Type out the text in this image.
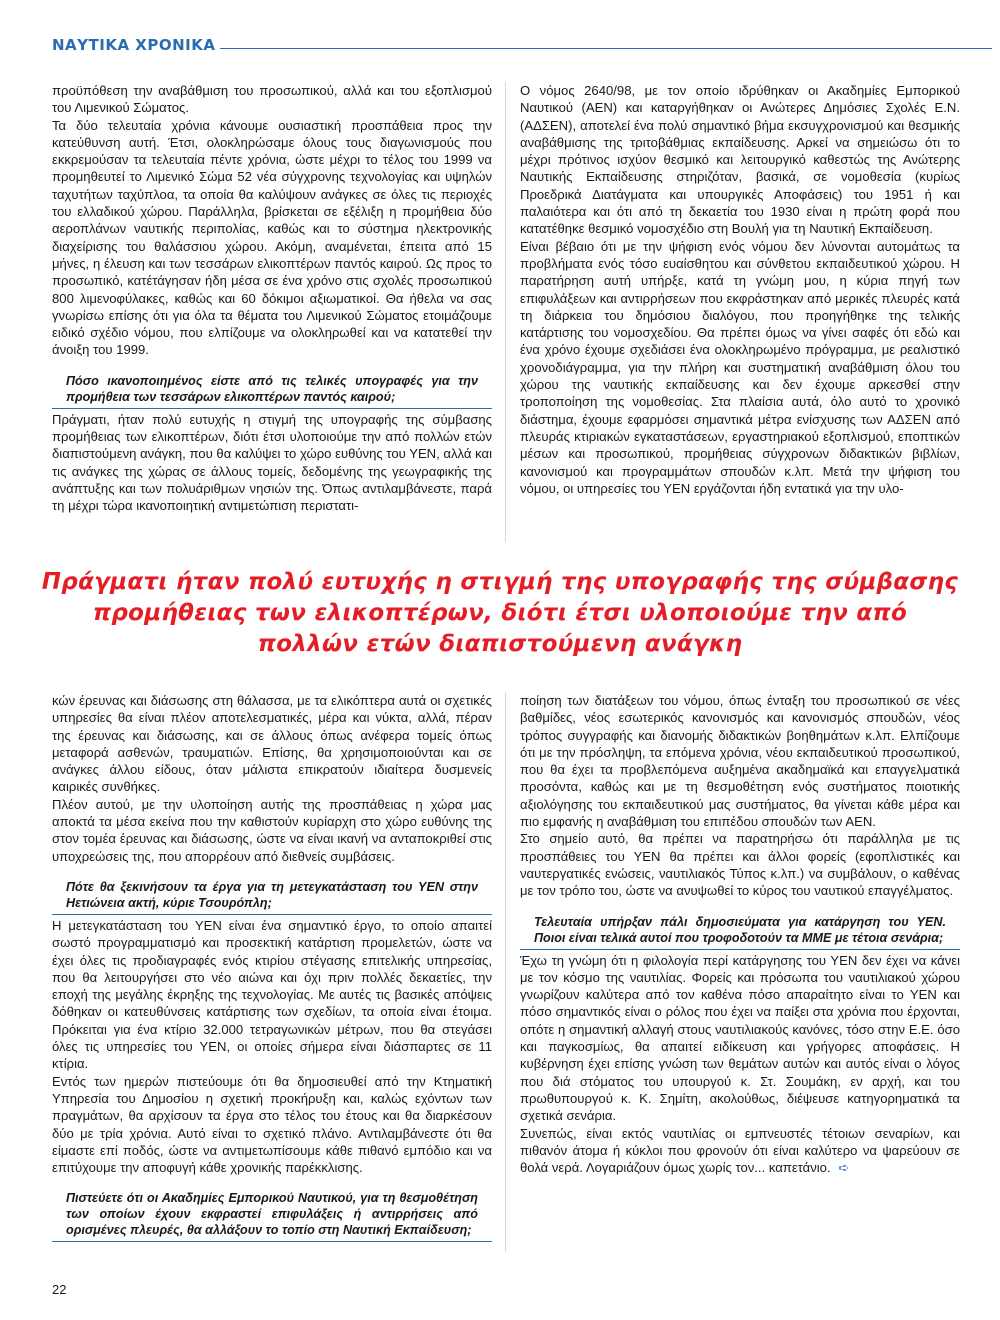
ΝΑΥΤΙΚΑ ΧΡΟΝΙΚΑ

προϋπόθεση την αναβάθμιση του προσωπικού, αλλά και του εξοπλισμού του Λιμενικού Σώματος.

Τα δύο τελευταία χρόνια κάνουμε ουσιαστική προσπάθεια προς την κατεύθυνση αυτή. Έτσι, ολοκληρώσαμε όλους τους διαγωνισμούς που εκκρεμούσαν τα τελευταία πέντε χρόνια, ώστε μέχρι το τέλος του 1999 να προμηθευτεί το Λιμενικό Σώμα 52 νέα σύγχρονης τεχνολογίας και υψηλών ταχυτήτων ταχύπλοα, τα οποία θα καλύψουν ανάγκες σε όλες τις περιοχές του ελλαδικού χώρου. Παράλληλα, βρίσκεται σε εξέλιξη η προμήθεια δύο αεροπλάνων ναυτικής περιπολίας, καθώς και το σύστημα ηλεκτρονικής διαχείρισης του θαλάσσιου χώρου. Ακόμη, αναμένεται, έπειτα από 15 μήνες, η έλευση και των τεσσάρων ελικοπτέρων παντός καιρού. Ως προς το προσωπικό, κατέτάγησαν ήδη μέσα σε ένα χρόνο στις σχολές προσωπικού 800 λιμενοφύλακες, καθώς και 60 δόκιμοι αξιωματικοί. Θα ήθελα να σας γνωρίσω επίσης ότι για όλα τα θέματα του Λιμενικού Σώματος ετοιμάζουμε ειδικό σχέδιο νόμου, που ελπίζουμε να ολοκληρωθεί και να κατατεθεί την άνοιξη του 1999.

Πόσο ικανοποιημένος είστε από τις τελικές υπογραφές για την προμήθεια των τεσσάρων ελικοπτέρων παντός καιρού;

Πράγματι, ήταν πολύ ευτυχής η στιγμή της υπογραφής της σύμβασης προμήθειας των ελικοπτέρων, διότι έτσι υλοποιούμε την από πολλών ετών διαπιστούμενη ανάγκη, που θα καλύψει το χώρο ευθύνης του ΥΕΝ, αλλά και τις ανάγκες της χώρας σε άλλους τομείς, δεδομένης της γεωγραφικής της ανάπτυξης και των πολυάριθμων νησιών της. Όπως αντιλαμβάνεστε, παρά τη μέχρι τώρα ικανοποιητική αντιμετώπιση περιστατι-

Ο νόμος 2640/98, με τον οποίο ιδρύθηκαν οι Ακαδημίες Εμπορικού Ναυτικού (ΑΕΝ) και καταργήθηκαν οι Ανώτερες Δημόσιες Σχολές Ε.Ν. (ΑΔΣΕΝ), αποτελεί ένα πολύ σημαντικό βήμα εκσυγχρονισμού και θεσμικής αναβάθμισης της τριτοβάθμιας εκπαίδευσης. Αρκεί να σημειώσω ότι το μέχρι πρότινος ισχύον θεσμικό και λειτουργικό καθεστώς της Ανώτερης Ναυτικής Εκπαίδευσης στηριζόταν, βασικά, σε νομοθεσία (κυρίως Προεδρικά Διατάγματα και υπουργικές Αποφάσεις) του 1951 ή και παλαιότερα και ότι από τη δεκαετία του 1930 είναι η πρώτη φορά που κατατέθηκε θεσμικό νομοσχέδιο στη Βουλή για τη Ναυτική Εκπαίδευση.

Είναι βέβαιο ότι με την ψήφιση ενός νόμου δεν λύνονται αυτομάτως τα προβλήματα ενός τόσο ευαίσθητου και σύνθετου εκπαιδευτικού χώρου. Η παρατήρηση αυτή υπήρξε, κατά τη γνώμη μου, η κύρια πηγή των επιφυλάξεων και αντιρρήσεων που εκφράστηκαν από μερικές πλευρές κατά τη διάρκεια του δημόσιου διαλόγου, που προηγήθηκε της τελικής κατάρτισης του νομοσχεδίου. Θα πρέπει όμως να γίνει σαφές ότι εδώ και ένα χρόνο έχουμε σχεδιάσει ένα ολοκληρωμένο πρόγραμμα, με ρεαλιστικό χρονοδιάγραμμα, για την πλήρη και συστηματική αναβάθμιση όλου του χώρου της ναυτικής εκπαίδευσης και δεν έχουμε αρκεσθεί στην τροποποίηση της νομοθεσίας. Στα πλαίσια αυτά, όλο αυτό το χρονικό διάστημα, έχουμε εφαρμόσει σημαντικά μέτρα ενίσχυσης των ΑΔΣΕΝ από πλευράς κτιριακών εγκαταστάσεων, εργαστηριακού εξοπλισμού, εποπτικών μέσων και προσωπικού, προμήθειας σύγχρονων διδακτικών βιβλίων, κανονισμού και προγραμμάτων σπουδών κ.λπ. Μετά την ψήφιση του νόμου, οι υπηρεσίες του ΥΕΝ εργάζονται ήδη εντατικά για την υλο-

Πράγματι ήταν πολύ ευτυχής η στιγμή της υπογραφής της σύμβασης προμήθειας των ελικοπτέρων, διότι έτσι υλοποιούμε την από πολλών ετών διαπιστούμενη ανάγκη

κών έρευνας και διάσωσης στη θάλασσα, με τα ελικόπτερα αυτά οι σχετικές υπηρεσίες θα είναι πλέον αποτελεσματικές, μέρα και νύκτα, αλλά, πέραν της έρευνας και διάσωσης, και σε άλλους όπως ανέφερα τομείς όπως μεταφορά ασθενών, τραυματιών. Επίσης, θα χρησιμοποιούνται και σε ανάγκες άλλου είδους, όταν μάλιστα επικρατούν ιδιαίτερα δυσμενείς καιρικές συνθήκες.

Πλέον αυτού, με την υλοποίηση αυτής της προσπάθειας η χώρα μας αποκτά τα μέσα εκείνα που την καθιστούν κυρίαρχη στο χώρο ευθύνης της στον τομέα έρευνας και διάσωσης, ώστε να είναι ικανή να ανταποκριθεί στις υποχρεώσεις της, που απορρέουν από διεθνείς συμβάσεις.

Πότε θα ξεκινήσουν τα έργα για τη μετεγκατάσταση του ΥΕΝ στην Ηετιώνεια ακτή, κύριε Τσουρόπλη;

Η μετεγκατάσταση του ΥΕΝ είναι ένα σημαντικό έργο, το οποίο απαιτεί σωστό προγραμματισμό και προσεκτική κατάρτιση προμελετών, ώστε να έχει όλες τις προδιαγραφές ενός κτιρίου στέγασης επιτελικής υπηρεσίας, που θα λειτουργήσει στο νέο αιώνα και όχι πριν πολλές δεκαετίες, την εποχή της μεγάλης έκρηξης της τεχνολογίας. Με αυτές τις βασικές απόψεις δόθηκαν οι κατευθύνσεις κατάρτισης των σχεδίων, τα οποία είναι έτοιμα. Πρόκειται για ένα κτίριο 32.000 τετραγωνικών μέτρων, που θα στεγάσει όλες τις υπηρεσίες του ΥΕΝ, οι οποίες σήμερα είναι διάσπαρτες σε 11 κτίρια.

Εντός των ημερών πιστεύουμε ότι θα δημοσιευθεί από την Κτηματική Υπηρεσία του Δημοσίου η σχετική προκήρυξη και, καλώς εχόντων των πραγμάτων, θα αρχίσουν τα έργα στο τέλος του έτους και θα διαρκέσουν δύο με τρία χρόνια. Αυτό είναι το σχετικό πλάνο. Αντιλαμβάνεστε ότι θα είμαστε επί ποδός, ώστε να αντιμετωπίσουμε κάθε πιθανό εμπόδιο και να επιτύχουμε την αποφυγή κάθε χρονικής παρέκκλισης.

Πιστεύετε ότι οι Ακαδημίες Εμπορικού Ναυτικού, για τη θεσμοθέτηση των οποίων έχουν εκφραστεί επιφυλάξεις ή αντιρρήσεις από ορισμένες πλευρές, θα αλλάξουν το τοπίο στη Ναυτική Εκπαίδευση;

ποίηση των διατάξεων του νόμου, όπως ένταξη του προσωπικού σε νέες βαθμίδες, νέος εσωτερικός κανονισμός και κανονισμός σπουδών, νέος τρόπος συγγραφής και διανομής διδακτικών βοηθημάτων κ.λπ. Ελπίζουμε ότι με την πρόσληψη, τα επόμενα χρόνια, νέου εκπαιδευτικού προσωπικού, που θα έχει τα προβλεπόμενα αυξημένα ακαδημαϊκά και επαγγελματικά προσόντα, καθώς και με τη θεσμοθέτηση ενός συστήματος ποιοτικής αξιολόγησης του εκπαιδευτικού μας συστήματος, θα γίνεται κάθε μέρα και πιο εμφανής η αναβάθμιση του επιπέδου σπουδών των ΑΕΝ.

Στο σημείο αυτό, θα πρέπει να παρατηρήσω ότι παράλληλα με τις προσπάθειες του ΥΕΝ θα πρέπει και άλλοι φορείς (εφοπλιστικές και ναυτεργατικές ενώσεις, ναυτιλιακός Τύπος κ.λπ.) να συμβάλουν, ο καθένας με τον τρόπο του, ώστε να ανυψωθεί το κύρος του ναυτικού επαγγέλματος.

Τελευταία υπήρξαν πάλι δημοσιεύματα για κατάργηση του ΥΕΝ. Ποιοι είναι τελικά αυτοί που τροφοδοτούν τα ΜΜΕ με τέτοια σενάρια;

Έχω τη γνώμη ότι η φιλολογία περί κατάργησης του ΥΕΝ δεν έχει να κάνει με τον κόσμο της ναυτιλίας. Φορείς και πρόσωπα του ναυτιλιακού χώρου γνωρίζουν καλύτερα από τον καθένα πόσο απαραίτητο είναι το ΥΕΝ και πόσο σημαντικός είναι ο ρόλος που έχει να παίξει στα χρόνια που έρχονται, οπότε η σημαντική αλλαγή στους ναυτιλιακούς κανόνες, τόσο στην Ε.Ε. όσο και παγκοσμίως, θα απαιτεί ειδίκευση και γρήγορες αποφάσεις. Η κυβέρνηση έχει επίσης γνώση των θεμάτων αυτών και αυτός είναι ο λόγος που διά στόματος του υπουργού κ. Στ. Σουμάκη, εν αρχή, και του πρωθυπουργού κ. Κ. Σημίτη, ακολούθως, διέψευσε κατηγορηματικά τα σχετικά σενάρια.

Συνεπώς, είναι εκτός ναυτιλίας οι εμπνευστές τέτοιων σεναρίων, και πιθανόν άτομα ή κύκλοι που φρονούν ότι είναι καλύτερο να ψαρεύουν σε θολά νερά. Λογαριάζουν όμως χωρίς τον... καπετάνιο. ➪

22
